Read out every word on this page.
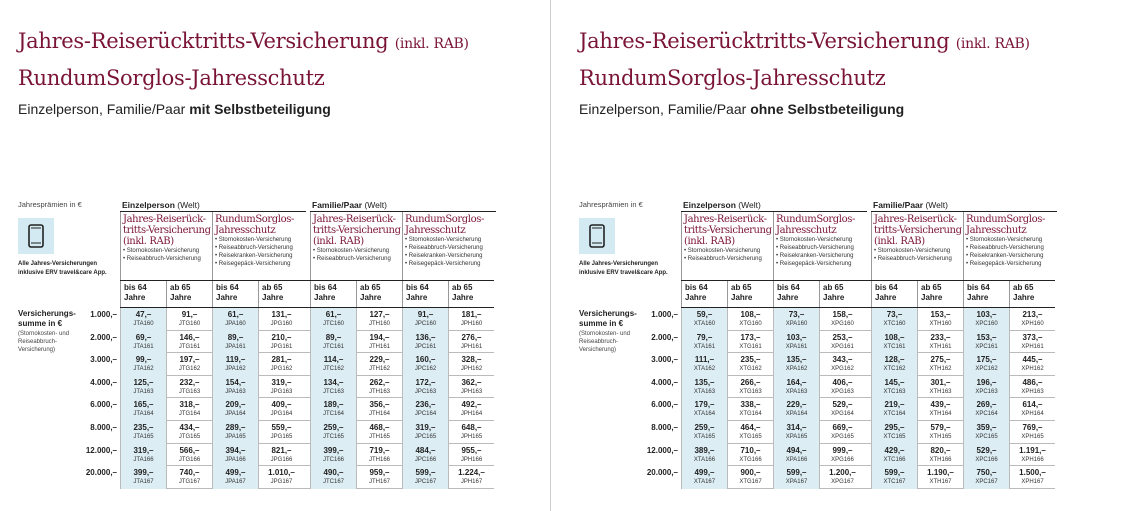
Jahres-Reiserücktritts-Versicherung (inkl. RAB)
RundumSorglos-Jahresschutz
Einzelperson, Familie/Paar mit Selbstbeteiligung
Jahresprämien in €
Alle Jahres-Versicherungen inklusive ERV travel&care App.
Versicherungs-summe in €
(Stornokosten- und Reiseabbruch-Versicherung)
1.000,–
2.000,–
3.000,–
4.000,–
6.000,–
8.000,–
12.000,–
20.000,–
Einzelperson (Welt)	Familie/Paar (Welt)
Jahres-Reiserück-tritts-Versicherung (inkl. RAB)
• Stornokosten-Versicherung
• Reiseabbruch-Versicherung
RundumSorglos-Jahresschutz
• Stornokosten-Versicherung
• Reiseabbruch-Versicherung
• Reisekranken-Versicherung
• Reisegepäck-Versicherung
Jahres-Reiserück-tritts-Versicherung (inkl. RAB)
• Stornokosten-Versicherung
• Reiseabbruch-Versicherung
RundumSorglos-Jahresschutz
• Stornokosten-Versicherung
• Reiseabbruch-Versicherung
• Reisekranken-Versicherung
• Reisegepäck-Versicherung
bis 64 Jahre
ab 65 Jahre
bis 64 Jahre
ab 65 Jahre
bis 64 Jahre
ab 65 Jahre
bis 64 Jahre
ab 65 Jahre
47,–
JTA160
91,–
JTG160
61,–
JPA160
131,–
JPG160
61,–
JTC160
127,–
JTH160
91,–
JPC160
181,–
JPH160
69,–
JTA161
146,–
JTG161
89,–
JPA161
210,–
JPG161
89,–
JTC161
194,–
JTH161
136,–
JPC161
276,–
JPH161
99,–
JTA162
197,–
JTG162
119,–
JPA162
281,–
JPG162
114,–
JTC162
229,–
JTH162
160,–
JPC162
328,–
JPH162
125,–
JTA163
232,–
JTG163
154,–
JPA163
319,–
JPG163
134,–
JTC163
262,–
JTH163
172,–
JPC163
362,–
JPH163
165,–
JTA164
318,–
JTG164
209,–
JPA164
409,–
JPG164
189,–
JTC164
356,–
JTH164
236,–
JPC164
492,–
JPH164
235,–
JTA165
434,–
JTG165
289,–
JPA165
559,–
JPG165
259,–
JTC165
468,–
JTH165
319,–
JPC165
648,–
JPH165
319,–
JTA166
566,–
JTG166
394,–
JPA166
821,–
JPG166
399,–
JTC166
719,–
JTH166
484,–
JPC166
955,–
JPH166
399,–
JTA167
740,–
JTG167
499,–
JPA167
1.010,–
JPG167
490,–
JTC167
959,–
JTH167
599,–
JPC167
1.224,–
JPH167
Jahres-Reiserücktritts-Versicherung (inkl. RAB)
RundumSorglos-Jahresschutz
Einzelperson, Familie/Paar ohne Selbstbeteiligung
Jahresprämien in €
Alle Jahres-Versicherungen inklusive ERV travel&care App.
Versicherungs-summe in €
(Stornokosten- und Reiseabbruch-Versicherung)
1.000,–
2.000,–
3.000,–
4.000,–
6.000,–
8.000,–
12.000,–
20.000,–
Einzelperson (Welt)	Familie/Paar (Welt)
Jahres-Reiserück-tritts-Versicherung (inkl. RAB)
• Stornokosten-Versicherung
• Reiseabbruch-Versicherung
RundumSorglos-Jahresschutz
• Stornokosten-Versicherung
• Reiseabbruch-Versicherung
• Reisekranken-Versicherung
• Reisegepäck-Versicherung
Jahres-Reiserück-tritts-Versicherung (inkl. RAB)
• Stornokosten-Versicherung
• Reiseabbruch-Versicherung
RundumSorglos-Jahresschutz
• Stornokosten-Versicherung
• Reiseabbruch-Versicherung
• Reisekranken-Versicherung
• Reisegepäck-Versicherung
bis 64 Jahre
ab 65 Jahre
bis 64 Jahre
ab 65 Jahre
bis 64 Jahre
ab 65 Jahre
bis 64 Jahre
ab 65 Jahre
59,–
XTA160
108,–
XTG160
73,–
XPA160
158,–
XPG160
73,–
XTC160
153,–
XTH160
103,–
XPC160
213,–
XPH160
79,–
XTA161
173,–
XTG161
103,–
XPA161
253,–
XPG161
108,–
XTC161
233,–
XTH161
153,–
XPC161
373,–
XPH161
111,–
XTA162
235,–
XTG162
135,–
XPA162
343,–
XPG162
128,–
XTC162
275,–
XTH162
175,–
XPC162
445,–
XPH162
135,–
XTA163
266,–
XTG163
164,–
XPA163
406,–
XPG163
145,–
XTC163
301,–
XTH163
196,–
XPC163
486,–
XPH163
179,–
XTA164
338,–
XTG164
229,–
XPA164
529,–
XPG164
219,–
XTC164
439,–
XTH164
269,–
XPC164
614,–
XPH164
259,–
XTA165
464,–
XTG165
314,–
XPA165
669,–
XPG165
295,–
XTC165
579,–
XTH165
359,–
XPC165
769,–
XPH165
389,–
XTA166
710,–
XTG166
494,–
XPA166
999,–
XPG166
429,–
XTC166
820,–
XTH166
529,–
XPC166
1.191,–
XPH166
499,–
XTA167
900,–
XTG167
599,–
XPA167
1.200,–
XPG167
599,–
XTC167
1.190,–
XTH167
750,–
XPC167
1.500,–
XPH167
